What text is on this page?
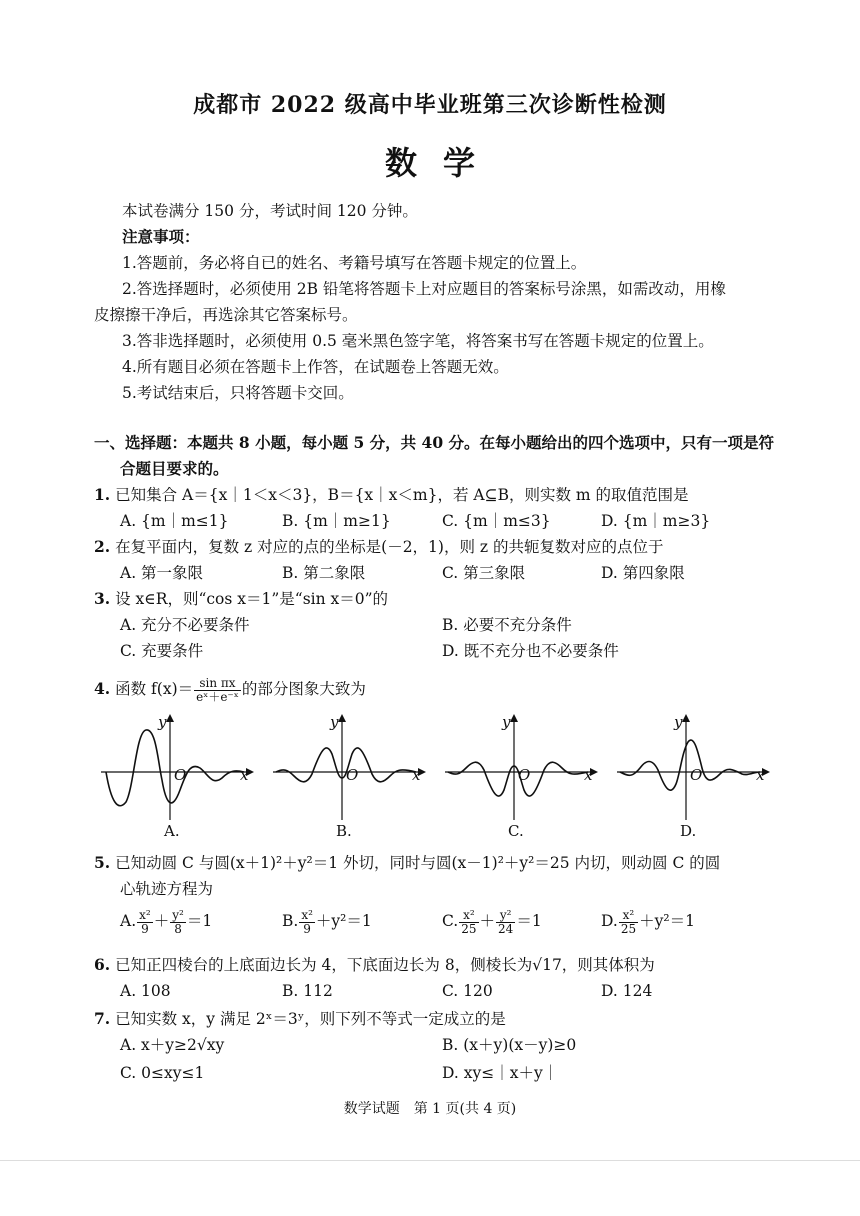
成都市 2022 级高中毕业班第三次诊断性检测
数学
本试卷满分 150 分，考试时间 120 分钟。
注意事项：
1.答题前，务必将自已的姓名、考籍号填写在答题卡规定的位置上。
2.答选择题时，必须使用 2B 铅笔将答题卡上对应题目的答案标号涂黑，如需改动，用橡
皮擦擦干净后，再选涂其它答案标号。
3.答非选择题时，必须使用 0.5 毫米黑色签字笔，将答案书写在答题卡规定的位置上。
4.所有题目必须在答题卡上作答，在试题卷上答题无效。
5.考试结束后，只将答题卡交回。
一、选择题：本题共 8 小题，每小题 5 分，共 40 分。在每小题给出的四个选项中，只有一项是符
合题目要求的。
1. 已知集合 A＝{x｜1＜x＜3}，B＝{x｜x＜m}，若 A⊆B，则实数 m 的取值范围是
A. {m｜m≤1}	B. {m｜m≥1}	C. {m｜m≤3}	D. {m｜m≥3}
2. 在复平面内，复数 z 对应的点的坐标是(－2，1)，则 z 的共轭复数对应的点位于
A. 第一象限	B. 第二象限	C. 第三象限	D. 第四象限
3. 设 x∈R，则“cos x＝1”是“sin x＝0”的
A. 充分不必要条件	B. 必要不充分条件
C. 充要条件	D. 既不充分也不必要条件
4. 函数 $f(x)= \frac{\text{sin πx}}{\text{eˣ＋e⁻ˣ}}$ 的部分图象大致为
y
O	x
A.
y
O	x
B.
y
O	x
C.
y
O	x
D.
5. 已知动圆 C 与圆(x＋1)²＋y²＝1 外切，同时与圆(x－1)²＋y²＝25 内切，则动圆 C 的圆
心轨迹方程为
A. $\frac{\text{x²}}{9} + \frac{\text{y²}}{8} =1$	B. $\frac{\text{x²}}{9} +y^2=1$	C. $\frac{\text{x²}}{25} + \frac{\text{y²}}{24} =1$	D. $\frac{\text{x²}}{25} +y^2=1$
6. 已知正四棱台的上底面边长为 4，下底面边长为 8，侧棱长为√17，则其体积为
A. 108	B. 112	C. 120	D. 124
7. 已知实数 x，y 满足 2ˣ＝3ʸ，则下列不等式一定成立的是
A. x＋y≥2√xy	B. (x＋y)(x－y)≥0
C. 0≤xy≤1	D. xy≤｜x＋y｜
数学试题　第 1 页(共 4 页)
